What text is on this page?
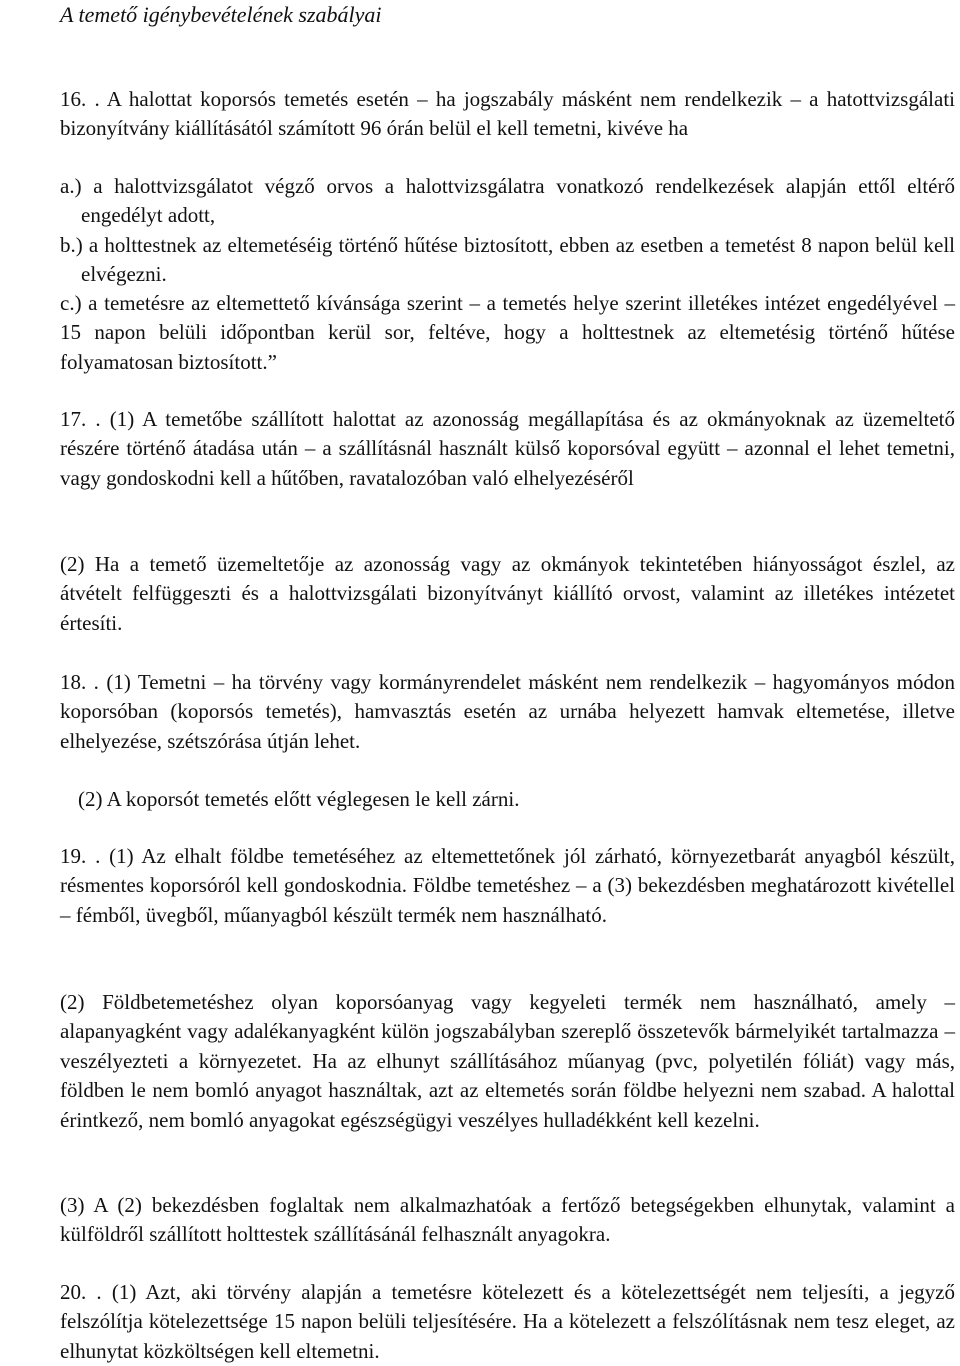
A temető igénybevételének szabályai

16. . A halottat koporsós temetés esetén – ha jogszabály másként nem rendelkezik – a hatottvizsgálati bizonyítvány kiállításától számított 96 órán belül el kell temetni, kivéve ha

a.) a halottvizsgálatot végző orvos a halottvizsgálatra vonatkozó rendelkezések alapján ettől eltérő engedélyt adott,

b.) a holttestnek az eltemetéséig történő hűtése biztosított, ebben az esetben a temetést 8 napon belül kell elvégezni.

c.) a temetésre az eltemettető kívánsága szerint – a temetés helye szerint illetékes intézet engedélyével – 15 napon belüli időpontban kerül sor, feltéve, hogy a holttestnek az eltemetésig történő hűtése folyamatosan biztosított.”

17. . (1) A temetőbe szállított halottat az azonosság megállapítása és az okmányoknak az üzemeltető részére történő átadása után – a szállításnál használt külső koporsóval együtt – azonnal el lehet temetni, vagy gondoskodni kell a hűtőben, ravatalozóban való elhelyezéséről

(2) Ha a temető üzemeltetője az azonosság vagy az okmányok tekintetében hiányosságot észlel, az átvételt felfüggeszti és a halottvizsgálati bizonyítványt kiállító orvost, valamint az illetékes intézetet értesíti.

18. . (1) Temetni – ha törvény vagy kormányrendelet másként nem rendelkezik – hagyományos módon koporsóban (koporsós temetés), hamvasztás esetén az urnába helyezett hamvak eltemetése, illetve elhelyezése, szétszórása útján lehet.

(2) A koporsót temetés előtt véglegesen le kell zárni.

19. . (1) Az elhalt földbe temetéséhez az eltemettetőnek jól zárható, környezetbarát anyagból készült, résmentes koporsóról kell gondoskodnia. Földbe temetéshez – a (3) bekezdésben meghatározott kivétellel – fémből, üvegből, műanyagból készült termék nem használható.

(2) Földbetemetéshez olyan koporsóanyag vagy kegyeleti termék nem használható, amely – alapanyagként vagy adalékanyagként külön jogszabályban szereplő összetevők bármelyikét tartalmazza – veszélyezteti a környezetet. Ha az elhunyt szállításához műanyag (pvc, polyetilén fóliát) vagy más, földben le nem bomló anyagot használtak, azt az eltemetés során földbe helyezni nem szabad. A halottal érintkező, nem bomló anyagokat egészségügyi veszélyes hulladékként kell kezelni.

(3) A (2) bekezdésben foglaltak nem alkalmazhatóak a fertőző betegségekben elhunytak, valamint a külföldről szállított holttestek szállításánál felhasznált anyagokra.

20. . (1) Azt, aki törvény alapján a temetésre kötelezett és a kötelezettségét nem teljesíti, a jegyző felszólítja kötelezettsége 15 napon belüli teljesítésére. Ha a kötelezett a felszólításnak nem tesz eleget, az elhunytat közköltségen kell eltemetni.
